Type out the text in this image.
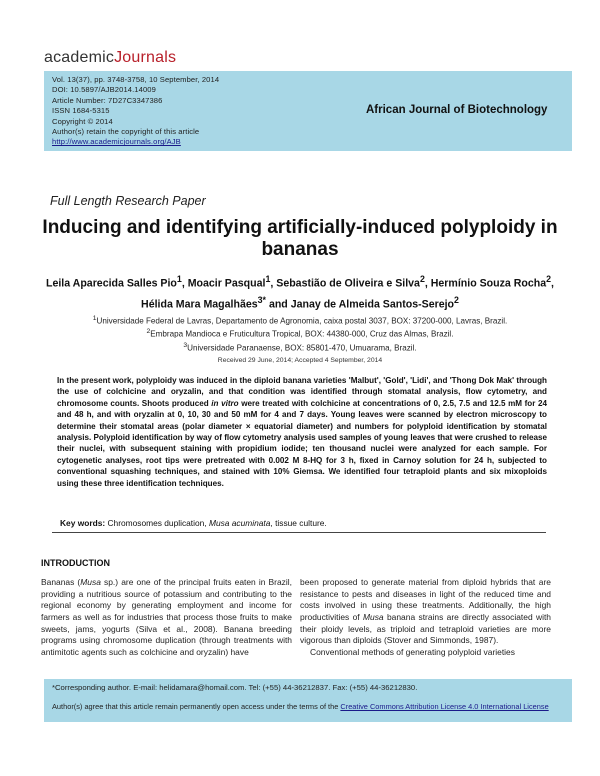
academicJournals
Vol. 13(37), pp. 3748-3758, 10 September, 2014
DOI: 10.5897/AJB2014.14009
Article Number: 7D27C3347386
ISSN 1684-5315
Copyright © 2014
Author(s) retain the copyright of this article
http://www.academicjournals.org/AJB
African Journal of Biotechnology
Full Length Research Paper
Inducing and identifying artificially-induced polyploidy in bananas
Leila Aparecida Salles Pio$^1$, Moacir Pasqual$^1$, Sebastião de Oliveira e Silva$^2$, Hermínio Souza Rocha$^2$, Hélida Mara Magalhães$^{3*}$ and Janay de Almeida Santos-Serejo$^2$
$^1$Universidade Federal de Lavras, Departamento de Agronomia, caixa postal 3037, BOX: 37200-000, Lavras, Brazil.
$^2$Embrapa Mandioca e Fruticultura Tropical, BOX: 44380-000, Cruz das Almas, Brazil.
$^3$Universidade Paranaense, BOX: 85801-470, Umuarama, Brazil.
Received 29 June, 2014; Accepted 4 September, 2014
In the present work, polyploidy was induced in the diploid banana varieties 'Malbut', 'Gold', 'Lidi', and 'Thong Dok Mak' through the use of colchicine and oryzalin, and that condition was identified through stomatal analysis, flow cytometry, and chromosome counts. Shoots produced in vitro were treated with colchicine at concentrations of 0, 2.5, 7.5 and 12.5 mM for 24 and 48 h, and with oryzalin at 0, 10, 30 and 50 mM for 4 and 7 days. Young leaves were scanned by electron microscopy to determine their stomatal areas (polar diameter × equatorial diameter) and numbers for polyploid identification by stomatal analysis. Polyploid identification by way of flow cytometry analysis used samples of young leaves that were crushed to release their nuclei, with subsequent staining with propidium iodide; ten thousand nuclei were analyzed for each sample. For cytogenetic analyses, root tips were pretreated with 0.002 M 8-HQ for 3 h, fixed in Carnoy solution for 24 h, subjected to conventional squashing techniques, and stained with 10% Giemsa. We identified four tetraploid plants and six mixoploids using these three identification techniques.
Key words: Chromosomes duplication, Musa acuminata, tissue culture.
INTRODUCTION
Bananas (Musa sp.) are one of the principal fruits eaten in Brazil, providing a nutritious source of potassium and contributing to the regional economy by generating employment and income for farmers as well as for industries that process those fruits to make sweets, jams, yogurts (Silva et al., 2008). Banana breeding programs using chromosome duplication (through treatments with antimitotic agents such as colchicine and oryzalin) have
been proposed to generate material from diploid hybrids that are resistance to pests and diseases in light of the reduced time and costs involved in using these treatments. Additionally, the high productivities of Musa banana strains are directly associated with their ploidy levels, as triploid and tetraploid varieties are more vigorous than diploids (Stover and Simmonds, 1987).
Conventional methods of generating polyploid varieties
*Corresponding author. E-mail: helidamara@homail.com. Tel: (+55) 44-36212837. Fax: (+55) 44-36212830.
Author(s) agree that this article remain permanently open access under the terms of the Creative Commons Attribution License 4.0 International License
